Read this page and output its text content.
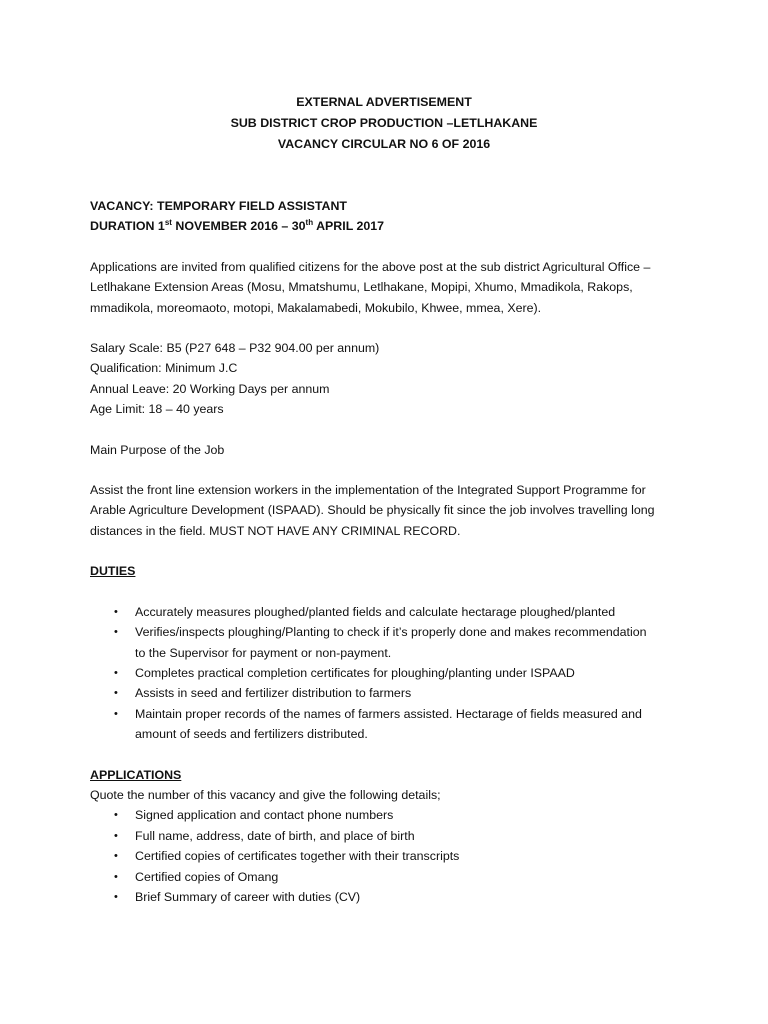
EXTERNAL ADVERTISEMENT
SUB DISTRICT CROP PRODUCTION –LETLHAKANE
VACANCY CIRCULAR NO 6 OF 2016
VACANCY: TEMPORARY FIELD ASSISTANT
DURATION 1st NOVEMBER 2016 – 30th APRIL 2017
Applications are invited from qualified citizens for the above post at the sub district Agricultural Office –
Letlhakane Extension Areas (Mosu, Mmatshumu, Letlhakane, Mopipi, Xhumo, Mmadikola, Rakops,
mmadikola, moreomaoto, motopi, Makalamabedi, Mokubilo, Khwee, mmea, Xere).
Salary Scale: B5 (P27 648 – P32 904.00 per annum)
Qualification: Minimum J.C
Annual Leave: 20 Working Days per annum
Age Limit: 18 – 40 years
Main Purpose of the Job
Assist the front line extension workers in the implementation of the Integrated Support Programme for
Arable Agriculture Development (ISPAAD). Should be physically fit since the job involves travelling long
distances in the field. MUST NOT HAVE ANY CRIMINAL RECORD.
DUTIES
• Accurately measures ploughed/planted fields and calculate hectarage ploughed/planted
• Verifies/inspects ploughing/Planting to check if it’s properly done and makes recommendation
to the Supervisor for payment or non-payment.
• Completes practical completion certificates for ploughing/planting under ISPAAD
• Assists in seed and fertilizer distribution to farmers
• Maintain proper records of the names of farmers assisted. Hectarage of fields measured and
amount of seeds and fertilizers distributed.
APPLICATIONS
Quote the number of this vacancy and give the following details;
• Signed application and contact phone numbers
• Full name, address, date of birth, and place of birth
• Certified copies of certificates together with their transcripts
• Certified copies of Omang
• Brief Summary of career with duties (CV)
